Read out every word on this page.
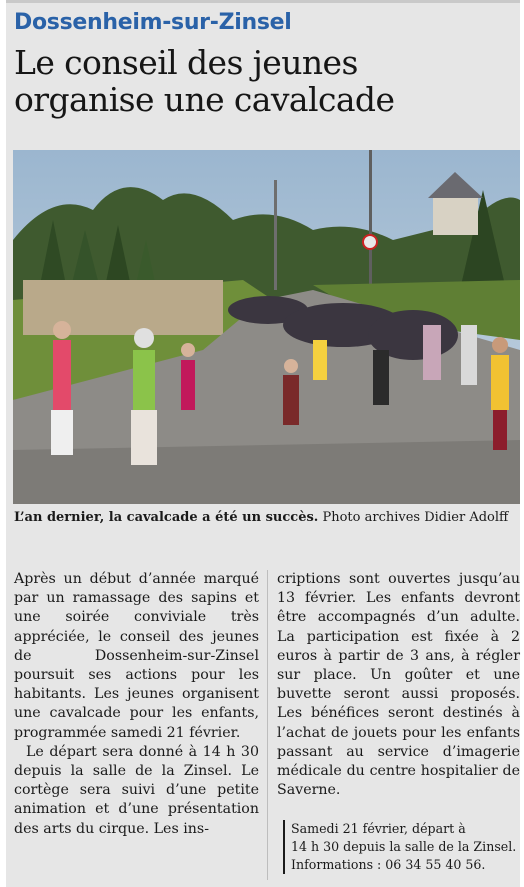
Dossenheim-sur-Zinsel
Le conseil des jeunes
organise une cavalcade
L’an dernier, la cavalcade a été un succès. Photo archives Didier Adolff

Après un début d’année marqué par un ramassage des sapins et une soirée conviviale très appréciée, le conseil des jeunes de Dossenheim-sur-Zinsel poursuit ses actions pour les habitants. Les jeunes organisent une cavalcade pour les enfants, programmée samedi 21 février.

Le départ sera donné à 14 h 30 depuis la salle de la Zinsel. Le cortège sera suivi d’une petite animation et d’une présentation des arts du cirque. Les ins-

criptions sont ouvertes jusqu’au 13 février. Les enfants devront être accompagnés d’un adulte. La participation est fixée à 2 euros à partir de 3 ans, à régler sur place. Un goûter et une buvette seront aussi proposés. Les bénéfices seront destinés à l’achat de jouets pour les enfants passant au service d’imagerie médicale du centre hospitalier de Saverne.

Samedi 21 février, départ à
14 h 30 depuis la salle de la Zinsel.
Informations : 06 34 55 40 56.
